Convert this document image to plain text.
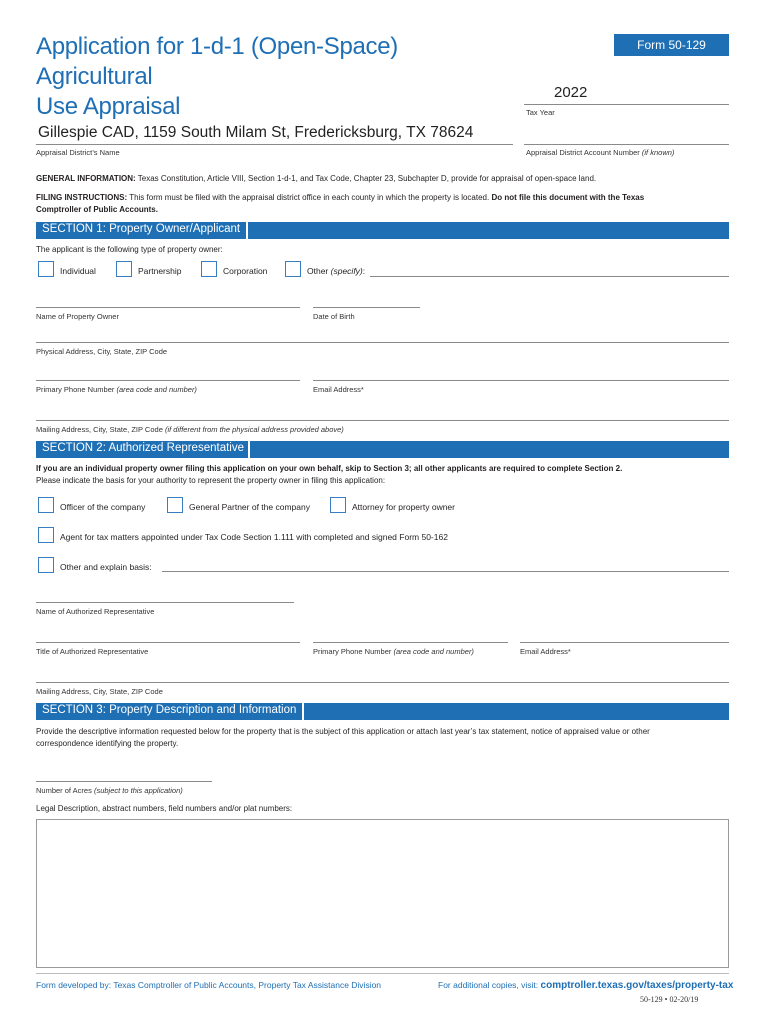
Application for 1-d-1 (Open-Space) Agricultural
Use Appraisal
Form 50-129
2022
Tax Year
Gillespie CAD, 1159 South Milam St, Fredericksburg, TX 78624
Appraisal District’s Name	Appraisal District Account Number (if known)
GENERAL INFORMATION: Texas Constitution, Article VIII, Section 1-d-1, and Tax Code, Chapter 23, Subchapter D, provide for appraisal of open-space land.
FILING INSTRUCTIONS: This form must be filed with the appraisal district office in each county in which the property is located. Do not file this document with the Texas
Comptroller of Public Accounts.
SECTION 1: Property Owner/Applicant
The applicant is the following type of property owner:
Individual	Partnership	Corporation	Other (specify):
Name of Property Owner	Date of Birth
Physical Address, City, State, ZIP Code
Primary Phone Number (area code and number)	Email Address*
Mailing Address, City, State, ZIP Code (if different from the physical address provided above)
SECTION 2: Authorized Representative
If you are an individual property owner filing this application on your own behalf, skip to Section 3; all other applicants are required to complete Section 2.
Please indicate the basis for your authority to represent the property owner in filing this application:
Officer of the company	General Partner of the company	Attorney for property owner
Agent for tax matters appointed under Tax Code Section 1.111 with completed and signed Form 50-162
Other and explain basis:
Name of Authorized Representative
Title of Authorized Representative	Primary Phone Number (area code and number)	Email Address*
Mailing Address, City, State, ZIP Code
SECTION 3: Property Description and Information
Provide the descriptive information requested below for the property that is the subject of this application or attach last year’s tax statement, notice of appraised value or other
correspondence identifying the property.
Number of Acres (subject to this application)
Legal Description, abstract numbers, field numbers and/or plat numbers:
Form developed by: Texas Comptroller of Public Accounts, Property Tax Assistance Division	For additional copies, visit: comptroller.texas.gov/taxes/property-tax
50-129 • 02-20/19
